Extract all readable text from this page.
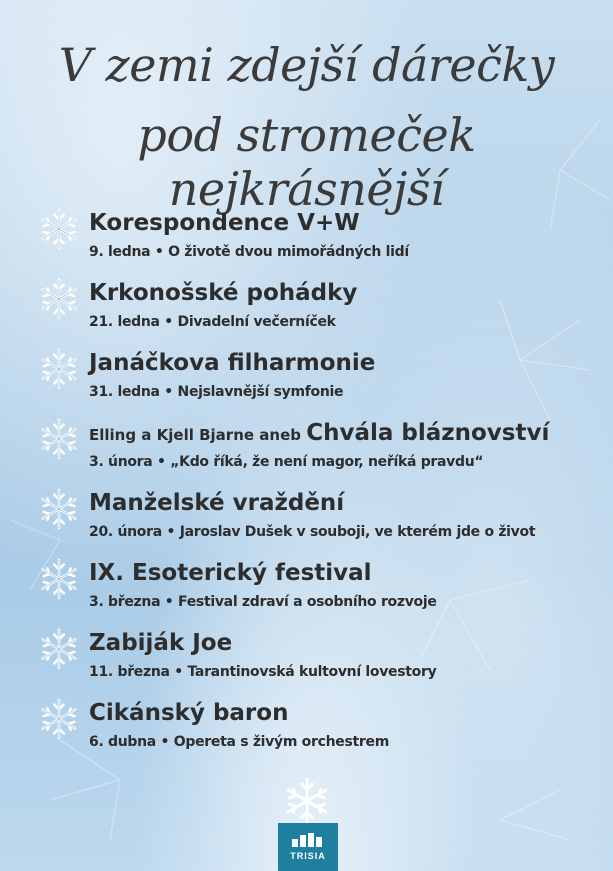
V zemi zdejší dárečky
pod stromeček nejkrásnější
Korespondence V+W
9. ledna • O životě dvou mimořádných lidí
Krkonošské pohádky
21. ledna • Divadelní večerníček
Janáčkova filharmonie
31. ledna • Nejslavnější symfonie
Elling a Kjell Bjarne aneb Chvála bláznovství
3. února • „Kdo říká, že není magor, neříká pravdu“
Manželské vraždění
20. února • Jaroslav Dušek v souboji, ve kterém jde o život
IX. Esoterický festival
3. března • Festival zdraví a osobního rozvoje
Zabiják Joe
11. března • Tarantinovská kultovní lovestory
Cikánský baron
6. dubna • Opereta s živým orchestrem
TRISIA
